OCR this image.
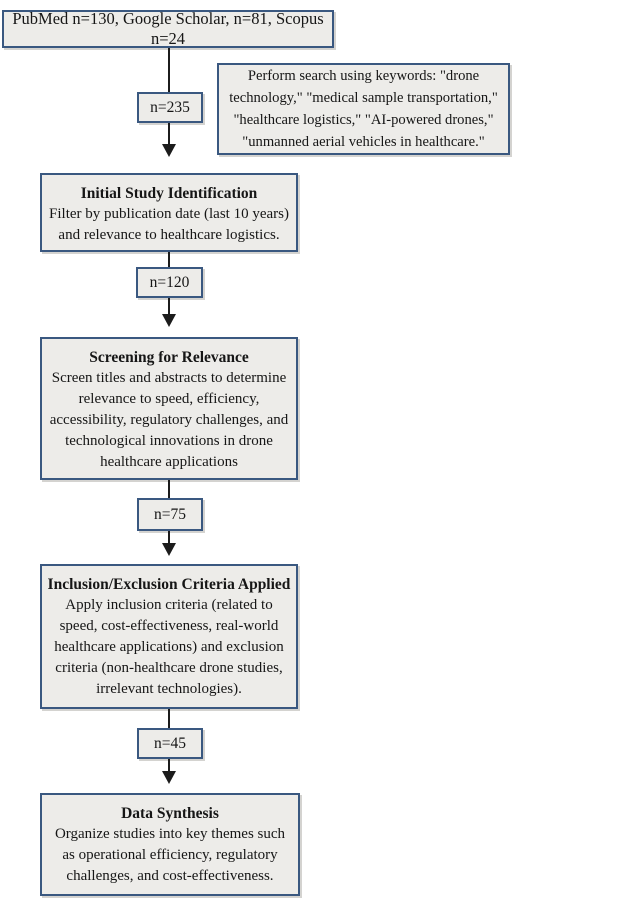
PubMed n=130, Google Scholar, n=81, Scopus n=24
Perform search using keywords: "drone technology," "medical sample transportation," "healthcare logistics," "AI-powered drones," "unmanned aerial vehicles in healthcare."
n=235
Initial Study Identification
Filter by publication date (last 10 years) and relevance to healthcare logistics.
n=120
Screening for Relevance
Screen titles and abstracts to determine relevance to speed, efficiency, accessibility, regulatory challenges, and technological innovations in drone healthcare applications
n=75
Inclusion/Exclusion Criteria Applied
Apply inclusion criteria (related to speed, cost-effectiveness, real-world healthcare applications) and exclusion criteria (non-healthcare drone studies, irrelevant technologies).
n=45
Data Synthesis
Organize studies into key themes such as operational efficiency, regulatory challenges, and cost-effectiveness.
